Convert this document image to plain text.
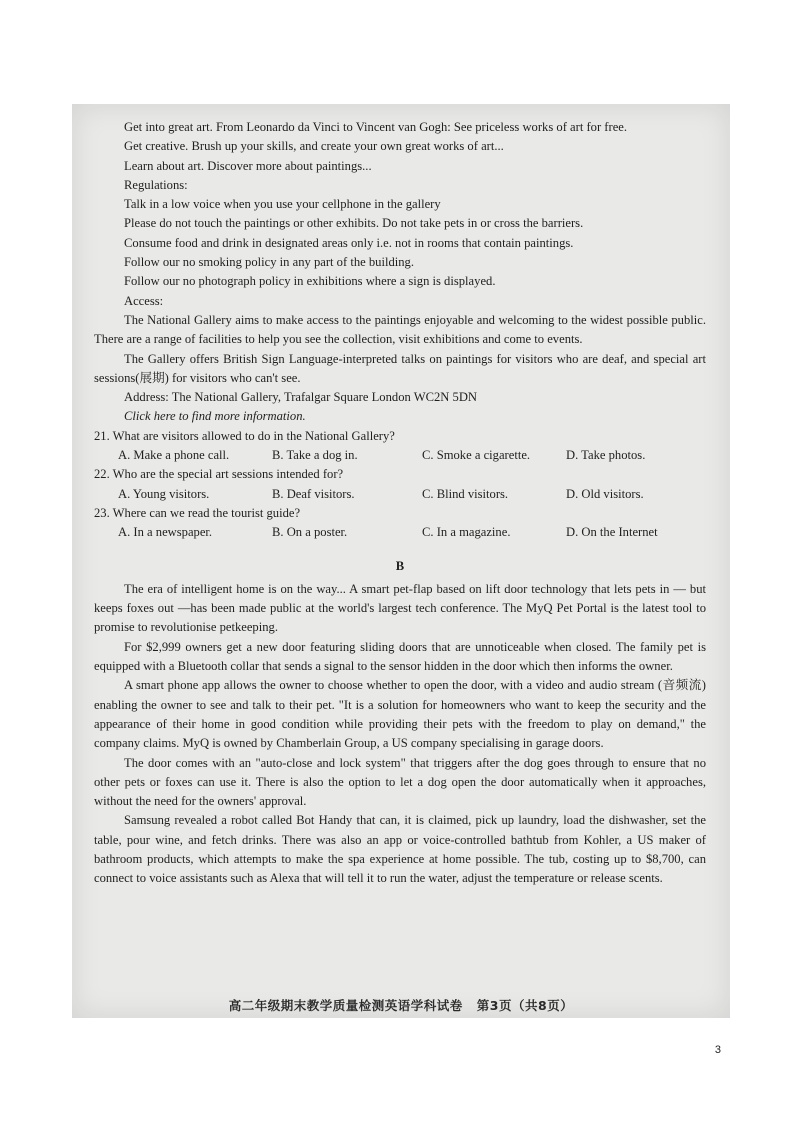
Get into great art. From Leonardo da Vinci to Vincent van Gogh: See priceless works of art for free.
Get creative. Brush up your skills, and create your own great works of art...
Learn about art. Discover more about paintings...
Regulations:
Talk in a low voice when you use your cellphone in the gallery
Please do not touch the paintings or other exhibits. Do not take pets in or cross the barriers.
Consume food and drink in designated areas only i.e. not in rooms that contain paintings.
Follow our no smoking policy in any part of the building.
Follow our no photograph policy in exhibitions where a sign is displayed.
Access:

The National Gallery aims to make access to the paintings enjoyable and welcoming to the widest possible public. There are a range of facilities to help you see the collection, visit exhibitions and come to events.

The Gallery offers British Sign Language-interpreted talks on paintings for visitors who are deaf, and special art sessions(展期) for visitors who can't see.

Address: The National Gallery, Trafalgar Square London WC2N 5DN
Click here to find more information.
21. What are visitors allowed to do in the National Gallery?
A. Make a phone call.	B. Take a dog in.	C. Smoke a cigarette.	D. Take photos.
22. Who are the special art sessions intended for?
A. Young visitors.	B. Deaf visitors.	C. Blind visitors.	D. Old visitors.
23. Where can we read the tourist guide?
A. In a newspaper.	B. On a poster.	C. In a magazine.	D. On the Internet
B

The era of intelligent home is on the way... A smart pet-flap based on lift door technology that lets pets in — but keeps foxes out —has been made public at the world's largest tech conference. The MyQ Pet Portal is the latest tool to promise to revolutionise petkeeping.

For $2,999 owners get a new door featuring sliding doors that are unnoticeable when closed. The family pet is equipped with a Bluetooth collar that sends a signal to the sensor hidden in the door which then informs the owner.

A smart phone app allows the owner to choose whether to open the door, with a video and audio stream (音频流) enabling the owner to see and talk to their pet. "It is a solution for homeowners who want to keep the security and the appearance of their home in good condition while providing their pets with the freedom to play on demand," the company claims. MyQ is owned by Chamberlain Group, a US company specialising in garage doors.

The door comes with an "auto-close and lock system" that triggers after the dog goes through to ensure that no other pets or foxes can use it. There is also the option to let a dog open the door automatically when it approaches, without the need for the owners' approval.

Samsung revealed a robot called Bot Handy that can, it is claimed, pick up laundry, load the dishwasher, set the table, pour wine, and fetch drinks. There was also an app or voice-controlled bathtub from Kohler, a US maker of bathroom products, which attempts to make the spa experience at home possible. The tub, costing up to $8,700, can connect to voice assistants such as Alexa that will tell it to run the water, adjust the temperature or release scents.

高二年级期末教学质量检测英语学科试卷 第3页（共8页）
3
